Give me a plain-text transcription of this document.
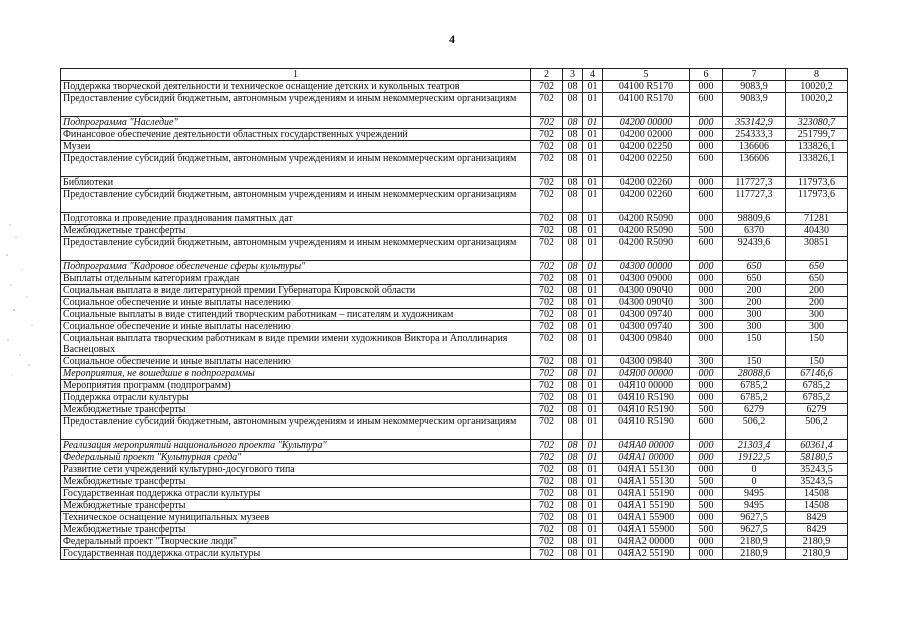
4
1	2	3	4	5	6	7	8
Поддержка творческой деятельности и техническое оснащение детских и кукольных театров	702	08	01	04100 R5170	000	9083,9	10020,2
Предоставление субсидий бюджетным, автономным учреждениям и иным некоммерческим организациям	702	08	01	04100 R5170	600	9083,9	10020,2
Подпрограмма "Наследие"	702	08	01	04200 00000	000	353142,9	323080,7
Финансовое обеспечение деятельности областных государственных учреждений	702	08	01	04200 02000	000	254333,3	251799,7
Музеи	702	08	01	04200 02250	000	136606	133826,1
Предоставление субсидий бюджетным, автономным учреждениям и иным некоммерческим организациям	702	08	01	04200 02250	600	136606	133826,1
Библиотеки	702	08	01	04200 02260	000	117727,3	117973,6
Предоставление субсидий бюджетным, автономным учреждениям и иным некоммерческим организациям	702	08	01	04200 02260	600	117727,3	117973,6
Подготовка и проведение празднования памятных дат	702	08	01	04200 R5090	000	98809,6	71281
Межбюджетные трансферты	702	08	01	04200 R5090	500	6370	40430
Предоставление субсидий бюджетным, автономным учреждениям и иным некоммерческим организациям	702	08	01	04200 R5090	600	92439,6	30851
Подпрограмма "Кадровое обеспечение сферы культуры"	702	08	01	04300 00000	000	650	650
Выплаты отдельным категориям граждан	702	08	01	04300 09000	000	650	650
Социальная выплата в виде литературной премии Губернатора Кировской области	702	08	01	04300 090Ч0	000	200	200
Социальное обеспечение и иные выплаты населению	702	08	01	04300 090Ч0	300	200	200
Социальные выплаты в виде стипендий творческим работникам – писателям и художникам	702	08	01	04300 09740	000	300	300
Социальное обеспечение и иные выплаты населению	702	08	01	04300 09740	300	300	300
Социальная выплата творческим работникам в виде премии имени художников Виктора и Аполлинария Васнецовых	702	08	01	04300 09840	000	150	150
Социальное обеспечение и иные выплаты населению	702	08	01	04300 09840	300	150	150
Мероприятия, не вошедшие в подпрограммы	702	08	01	04Я00 00000	000	28088,6	67146,6
Мероприятия программ (подпрограмм)	702	08	01	04Я10 00000	000	6785,2	6785,2
Поддержка отрасли культуры	702	08	01	04Я10 R5190	000	6785,2	6785,2
Межбюджетные трансферты	702	08	01	04Я10 R5190	500	6279	6279
Предоставление субсидий бюджетным, автономным учреждениям и иным некоммерческим организациям	702	08	01	04Я10 R5190	600	506,2	506,2
Реализация мероприятий национального проекта "Культура"	702	08	01	04ЯА0 00000	000	21303,4	60361,4
Федеральный проект "Культурная среда"	702	08	01	04ЯА1 00000	000	19122,5	58180,5
Развитие сети учреждений культурно-досугового типа	702	08	01	04ЯА1 55130	000	0	35243,5
Межбюджетные трансферты	702	08	01	04ЯА1 55130	500	0	35243,5
Государственная поддержка отрасли культуры	702	08	01	04ЯА1 55190	000	9495	14508
Межбюджетные трансферты	702	08	01	04ЯА1 55190	500	9495	14508
Техническое оснащение муниципальных музеев	702	08	01	04ЯА1 55900	000	9627,5	8429
Межбюджетные трансферты	702	08	01	04ЯА1 55900	500	9627,5	8429
Федеральный проект "Творческие люди"	702	08	01	04ЯА2 00000	000	2180,9	2180,9
Государственная поддержка отрасли культуры	702	08	01	04ЯА2 55190	000	2180,9	2180,9
